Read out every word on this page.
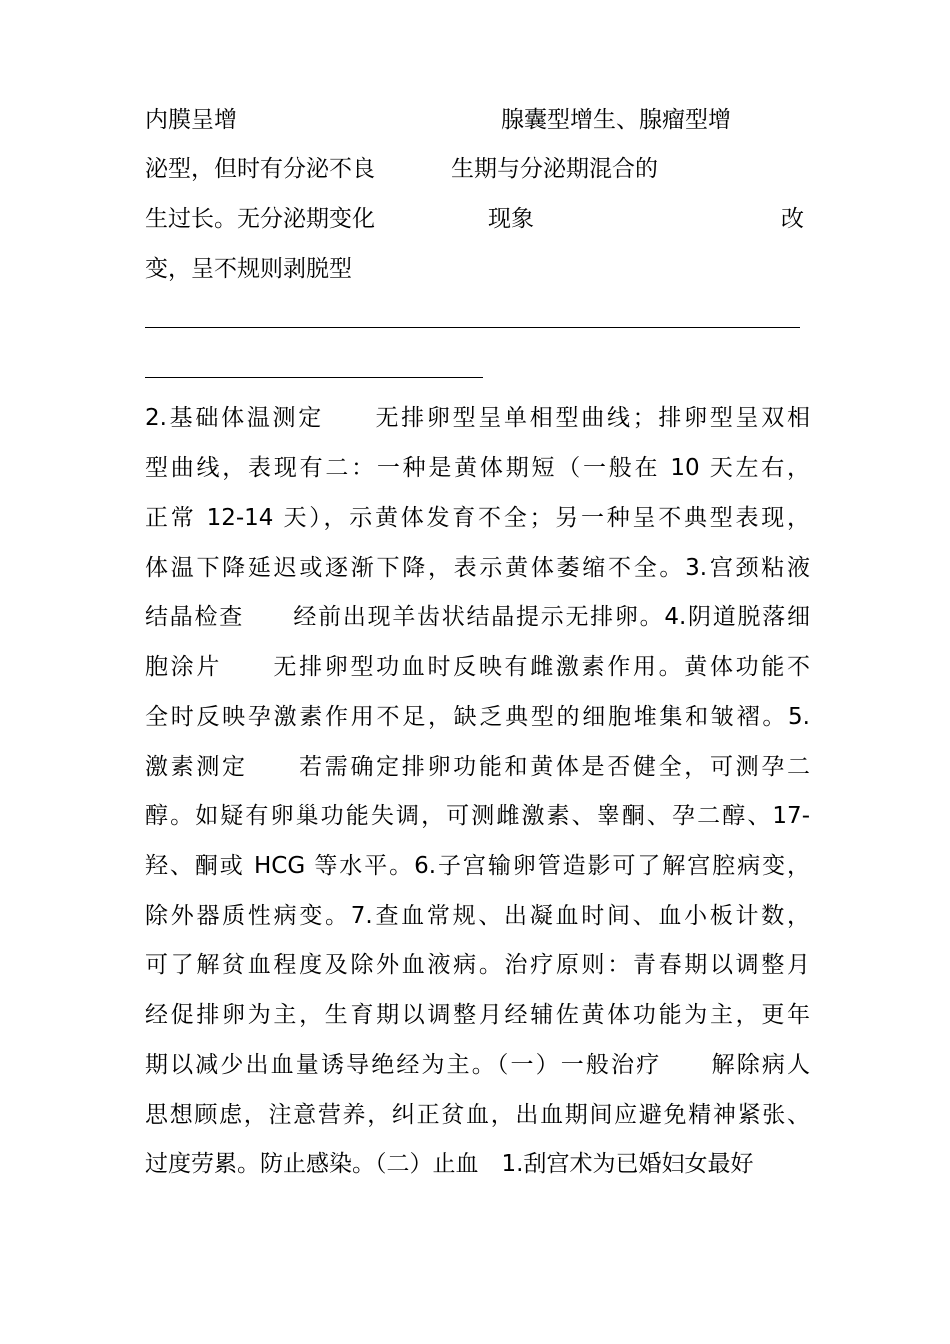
内膜呈增
泌型，但时有分泌不良
生过长。无分泌期变化
变，呈不规则剥脱型
腺囊型增生、腺瘤型增
生期与分泌期混合的
现象	改
2.基础体温测定　　无排卵型呈单相型曲线；排卵型呈双相
型曲线，表现有二：一种是黄体期短（一般在 10 天左右，
正常 12-14 天），示黄体发育不全；另一种呈不典型表现，
体温下降延迟或逐渐下降，表示黄体萎缩不全。3.宫颈粘液
结晶检查　　经前出现羊齿状结晶提示无排卵。4.阴道脱落细
胞涂片　　无排卵型功血时反映有雌激素作用。黄体功能不
全时反映孕激素作用不足，缺乏典型的细胞堆集和皱褶。5.
激素测定　　若需确定排卵功能和黄体是否健全，可测孕二
醇。如疑有卵巢功能失调，可测雌激素、睾酮、孕二醇、17-
羟、酮或 HCG 等水平。6.子宫输卵管造影可了解宫腔病变，
除外器质性病变。7.查血常规、出凝血时间、血小板计数，
可了解贫血程度及除外血液病。治疗原则：青春期以调整月
经促排卵为主，生育期以调整月经辅佐黄体功能为主，更年
期以减少出血量诱导绝经为主。（一）一般治疗　　解除病人
思想顾虑，注意营养，纠正贫血，出血期间应避免精神紧张、
过度劳累。防止感染。（二）止血　1.刮宫术为已婚妇女最好
